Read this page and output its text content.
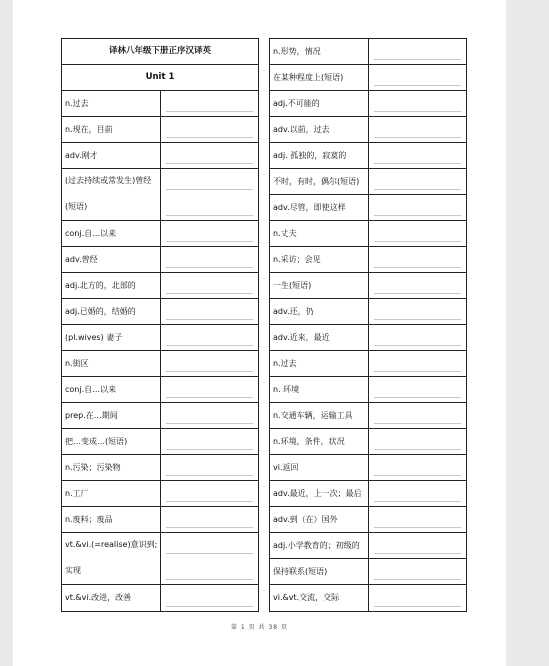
译林八年级下册正序汉译英
Unit 1
n.过去
n.现在，目前
adv.刚才
(过去持续或常发生)曾经
(短语)
conj.自…以来
adv.曾经
adj.北方的，北部的
adj.已婚的，结婚的
(pl.wives) 妻子
n.街区
conj.自…以来
prep.在…期间
把…变成…(短语)
n.污染；污染物
n.工厂
n.废料；废品
vt.&vi.(=realise)意识到;
实现
vt.&vi.改进，改善
n.形势，情况
在某种程度上(短语)
adj.不可能的
adv.以前，过去
adj. 孤独的，寂寞的
不时，有时，偶尔(短语)
adv.尽管，即使这样
n.丈夫
n.采访；会见
一生(短语)
adv.还，仍
adv.近来，最近
n.过去
n. 环境
n.交通车辆，运输工具
n.环境，条件，状况
vi.返回
adv.最近，上一次；最后
adv.到（在）国外
adj.小学教育的；初级的
保持联系(短语)
vi.&vt.交流，交际
第 1 页 共 38 页
